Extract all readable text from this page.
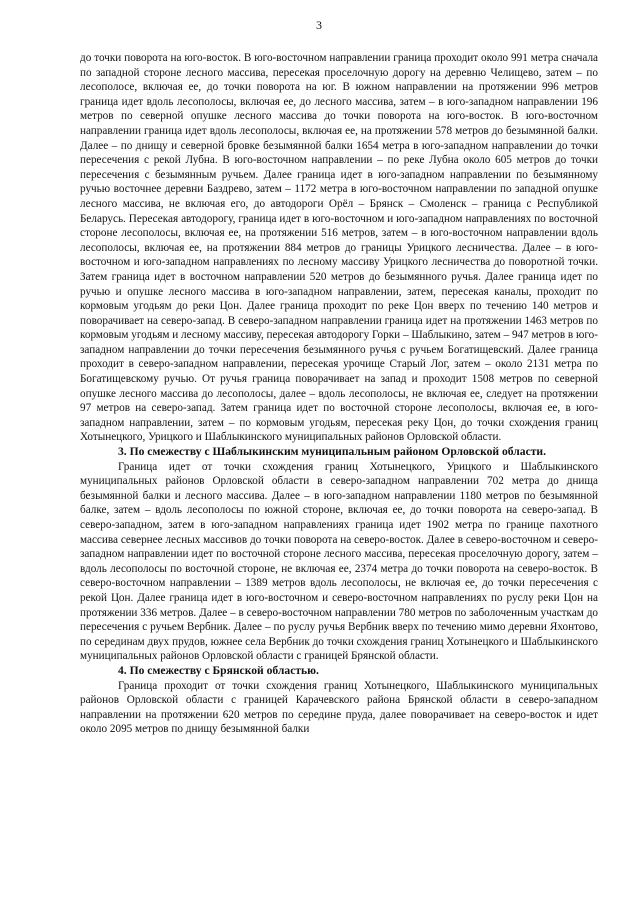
3

до точки поворота на юго-восток. В юго-восточном направлении граница проходит около 991 метра сначала по западной стороне лесного массива, пересекая проселочную дорогу на деревню Челищево, затем – по лесополосе, включая ее, до точки поворота на юг. В южном направлении на протяжении 996 метров граница идет вдоль лесополосы, включая ее, до лесного массива, затем – в юго-западном направлении 196 метров по северной опушке лесного массива до точки поворота на юго-восток. В юго-восточном направлении граница идет вдоль лесополосы, включая ее, на протяжении 578 метров до безымянной балки. Далее – по днищу и северной бровке безымянной балки 1654 метра в юго-западном направлении до точки пересечения с рекой Лубна. В юго-восточном направлении – по реке Лубна около 605 метров до точки пересечения с безымянным ручьем. Далее граница идет в юго-западном направлении по безымянному ручью восточнее деревни Баздрево, затем – 1172 метра в юго-восточном направлении по западной опушке лесного массива, не включая его, до автодороги Орёл – Брянск – Смоленск – граница с Республикой Беларусь. Пересекая автодорогу, граница идет в юго-восточном и юго-западном направлениях по восточной стороне лесополосы, включая ее, на протяжении 516 метров, затем – в юго-восточном направлении вдоль лесополосы, включая ее, на протяжении 884 метров до границы Урицкого лесничества. Далее – в юго-восточном и юго-западном направлениях по лесному массиву Урицкого лесничества до поворотной точки. Затем граница идет в восточном направлении 520 метров до безымянного ручья. Далее граница идет по ручью и опушке лесного массива в юго-западном направлении, затем, пересекая каналы, проходит по кормовым угодьям до реки Цон. Далее граница проходит по реке Цон вверх по течению 140 метров и поворачивает на северо-запад. В северо-западном направлении граница идет на протяжении 1463 метров по кормовым угодьям и лесному массиву, пересекая автодорогу Горки – Шаблыкино, затем – 947 метров в юго-западном направлении до точки пересечения безымянного ручья с ручьем Богатищевский. Далее граница проходит в северо-западном направлении, пересекая урочище Старый Лог, затем – около 2131 метра по Богатищевскому ручью. От ручья граница поворачивает на запад и проходит 1508 метров по северной опушке лесного массива до лесополосы, далее – вдоль лесополосы, не включая ее, следует на протяжении 97 метров на северо-запад. Затем граница идет по восточной стороне лесополосы, включая ее, в юго-западном направлении, затем – по кормовым угодьям, пересекая реку Цон, до точки схождения границ Хотынецкого, Урицкого и Шаблыкинского муниципальных районов Орловской области.

3. По смежеству с Шаблыкинским муниципальным районом Орловской области.

Граница идет от точки схождения границ Хотынецкого, Урицкого и Шаблыкинского муниципальных районов Орловской области в северо-западном направлении 702 метра до днища безымянной балки и лесного массива. Далее – в юго-западном направлении 1180 метров по безымянной балке, затем – вдоль лесополосы по южной стороне, включая ее, до точки поворота на северо-запад. В северо-западном, затем в юго-западном направлениях граница идет 1902 метра по границе пахотного массива севернее лесных массивов до точки поворота на северо-восток. Далее в северо-восточном и северо-западном направлении идет по восточной стороне лесного массива, пересекая проселочную дорогу, затем – вдоль лесополосы по восточной стороне, не включая ее, 2374 метра до точки поворота на северо-восток. В северо-восточном направлении – 1389 метров вдоль лесополосы, не включая ее, до точки пересечения с рекой Цон. Далее граница идет в юго-восточном и северо-восточном направлениях по руслу реки Цон на протяжении 336 метров. Далее – в северо-восточном направлении 780 метров по заболоченным участкам до пересечения с ручьем Вербник. Далее – по руслу ручья Вербник вверх по течению мимо деревни Яхонтово, по серединам двух прудов, южнее села Вербник до точки схождения границ Хотынецкого и Шаблыкинского муниципальных районов Орловской области с границей Брянской области.

4. По смежеству с Брянской областью.

Граница проходит от точки схождения границ Хотынецкого, Шаблыкинского муниципальных районов Орловской области с границей Карачевского района Брянской области в северо-западном направлении на протяжении 620 метров по середине пруда, далее поворачивает на северо-восток и идет около 2095 метров по днищу безымянной балки
